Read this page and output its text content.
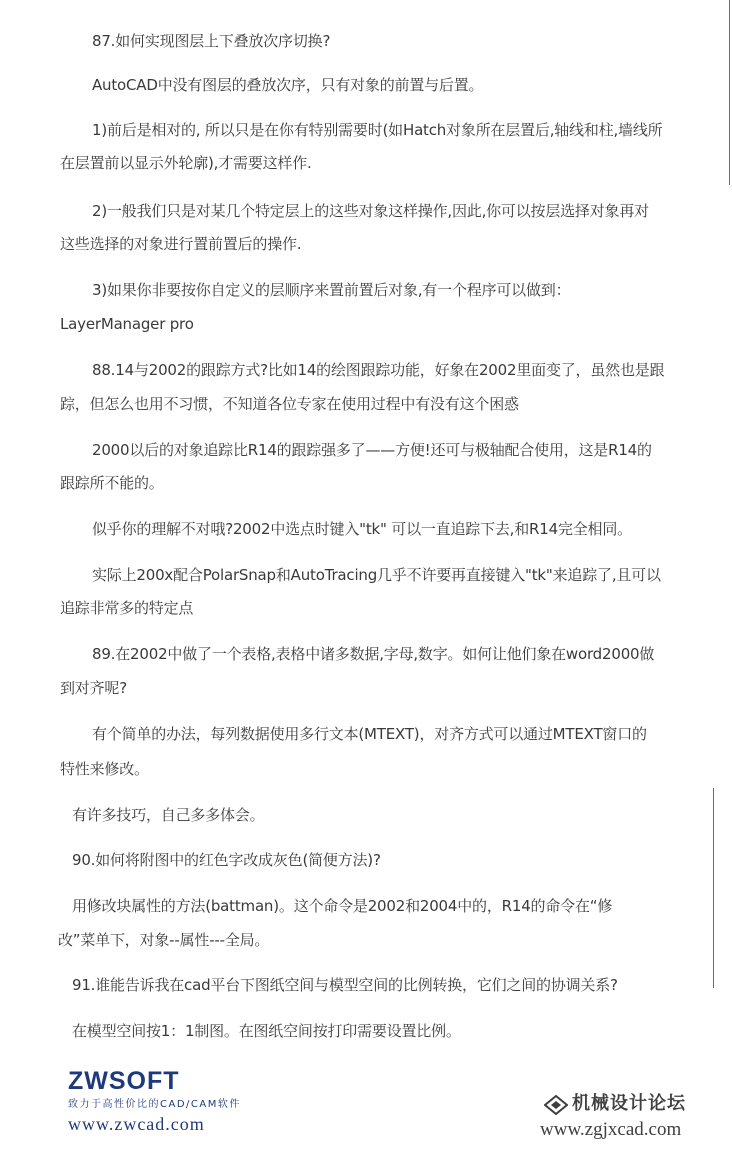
87.如何实现图层上下叠放次序切换?

AutoCAD中没有图层的叠放次序，只有对象的前置与后置。

1)前后是相对的, 所以只是在你有特别需要时(如Hatch对象所在层置后,轴线和柱,墙线所

在层置前以显示外轮廓),才需要这样作.

2)一般我们只是对某几个特定层上的这些对象这样操作,因此,你可以按层选择对象再对

这些选择的对象进行置前置后的操作.

3)如果你非要按你自定义的层顺序来置前置后对象,有一个程序可以做到：

LayerManager pro

88.14与2002的跟踪方式?比如14的绘图跟踪功能，好象在2002里面变了，虽然也是跟

踪，但怎么也用不习惯，不知道各位专家在使用过程中有没有这个困惑

2000以后的对象追踪比R14的跟踪强多了——方便!还可与极轴配合使用，这是R14的

跟踪所不能的。

似乎你的理解不对哦?2002中选点时键入"tk" 可以一直追踪下去,和R14完全相同。

实际上200x配合PolarSnap和AutoTracing几乎不许要再直接键入"tk"来追踪了,且可以

追踪非常多的特定点

89.在2002中做了一个表格,表格中诸多数据,字母,数字。如何让他们象在word2000做

到对齐呢?

有个简单的办法，每列数据使用多行文本(MTEXT)，对齐方式可以通过MTEXT窗口的

特性来修改。

有许多技巧，自己多多体会。

90.如何将附图中的红色字改成灰色(简便方法)?

用修改块属性的方法(battman)。这个命令是2002和2004中的，R14的命令在“修

改”菜单下，对象--属性---全局。

91.谁能告诉我在cad平台下图纸空间与模型空间的比例转换，它们之间的协调关系?

在模型空间按1：1制图。在图纸空间按打印需要设置比例。

ZWSOFT

致力于高性价比的CAD/CAM软件

www.zwcad.com

机械设计论坛

www.zgjxcad.com
